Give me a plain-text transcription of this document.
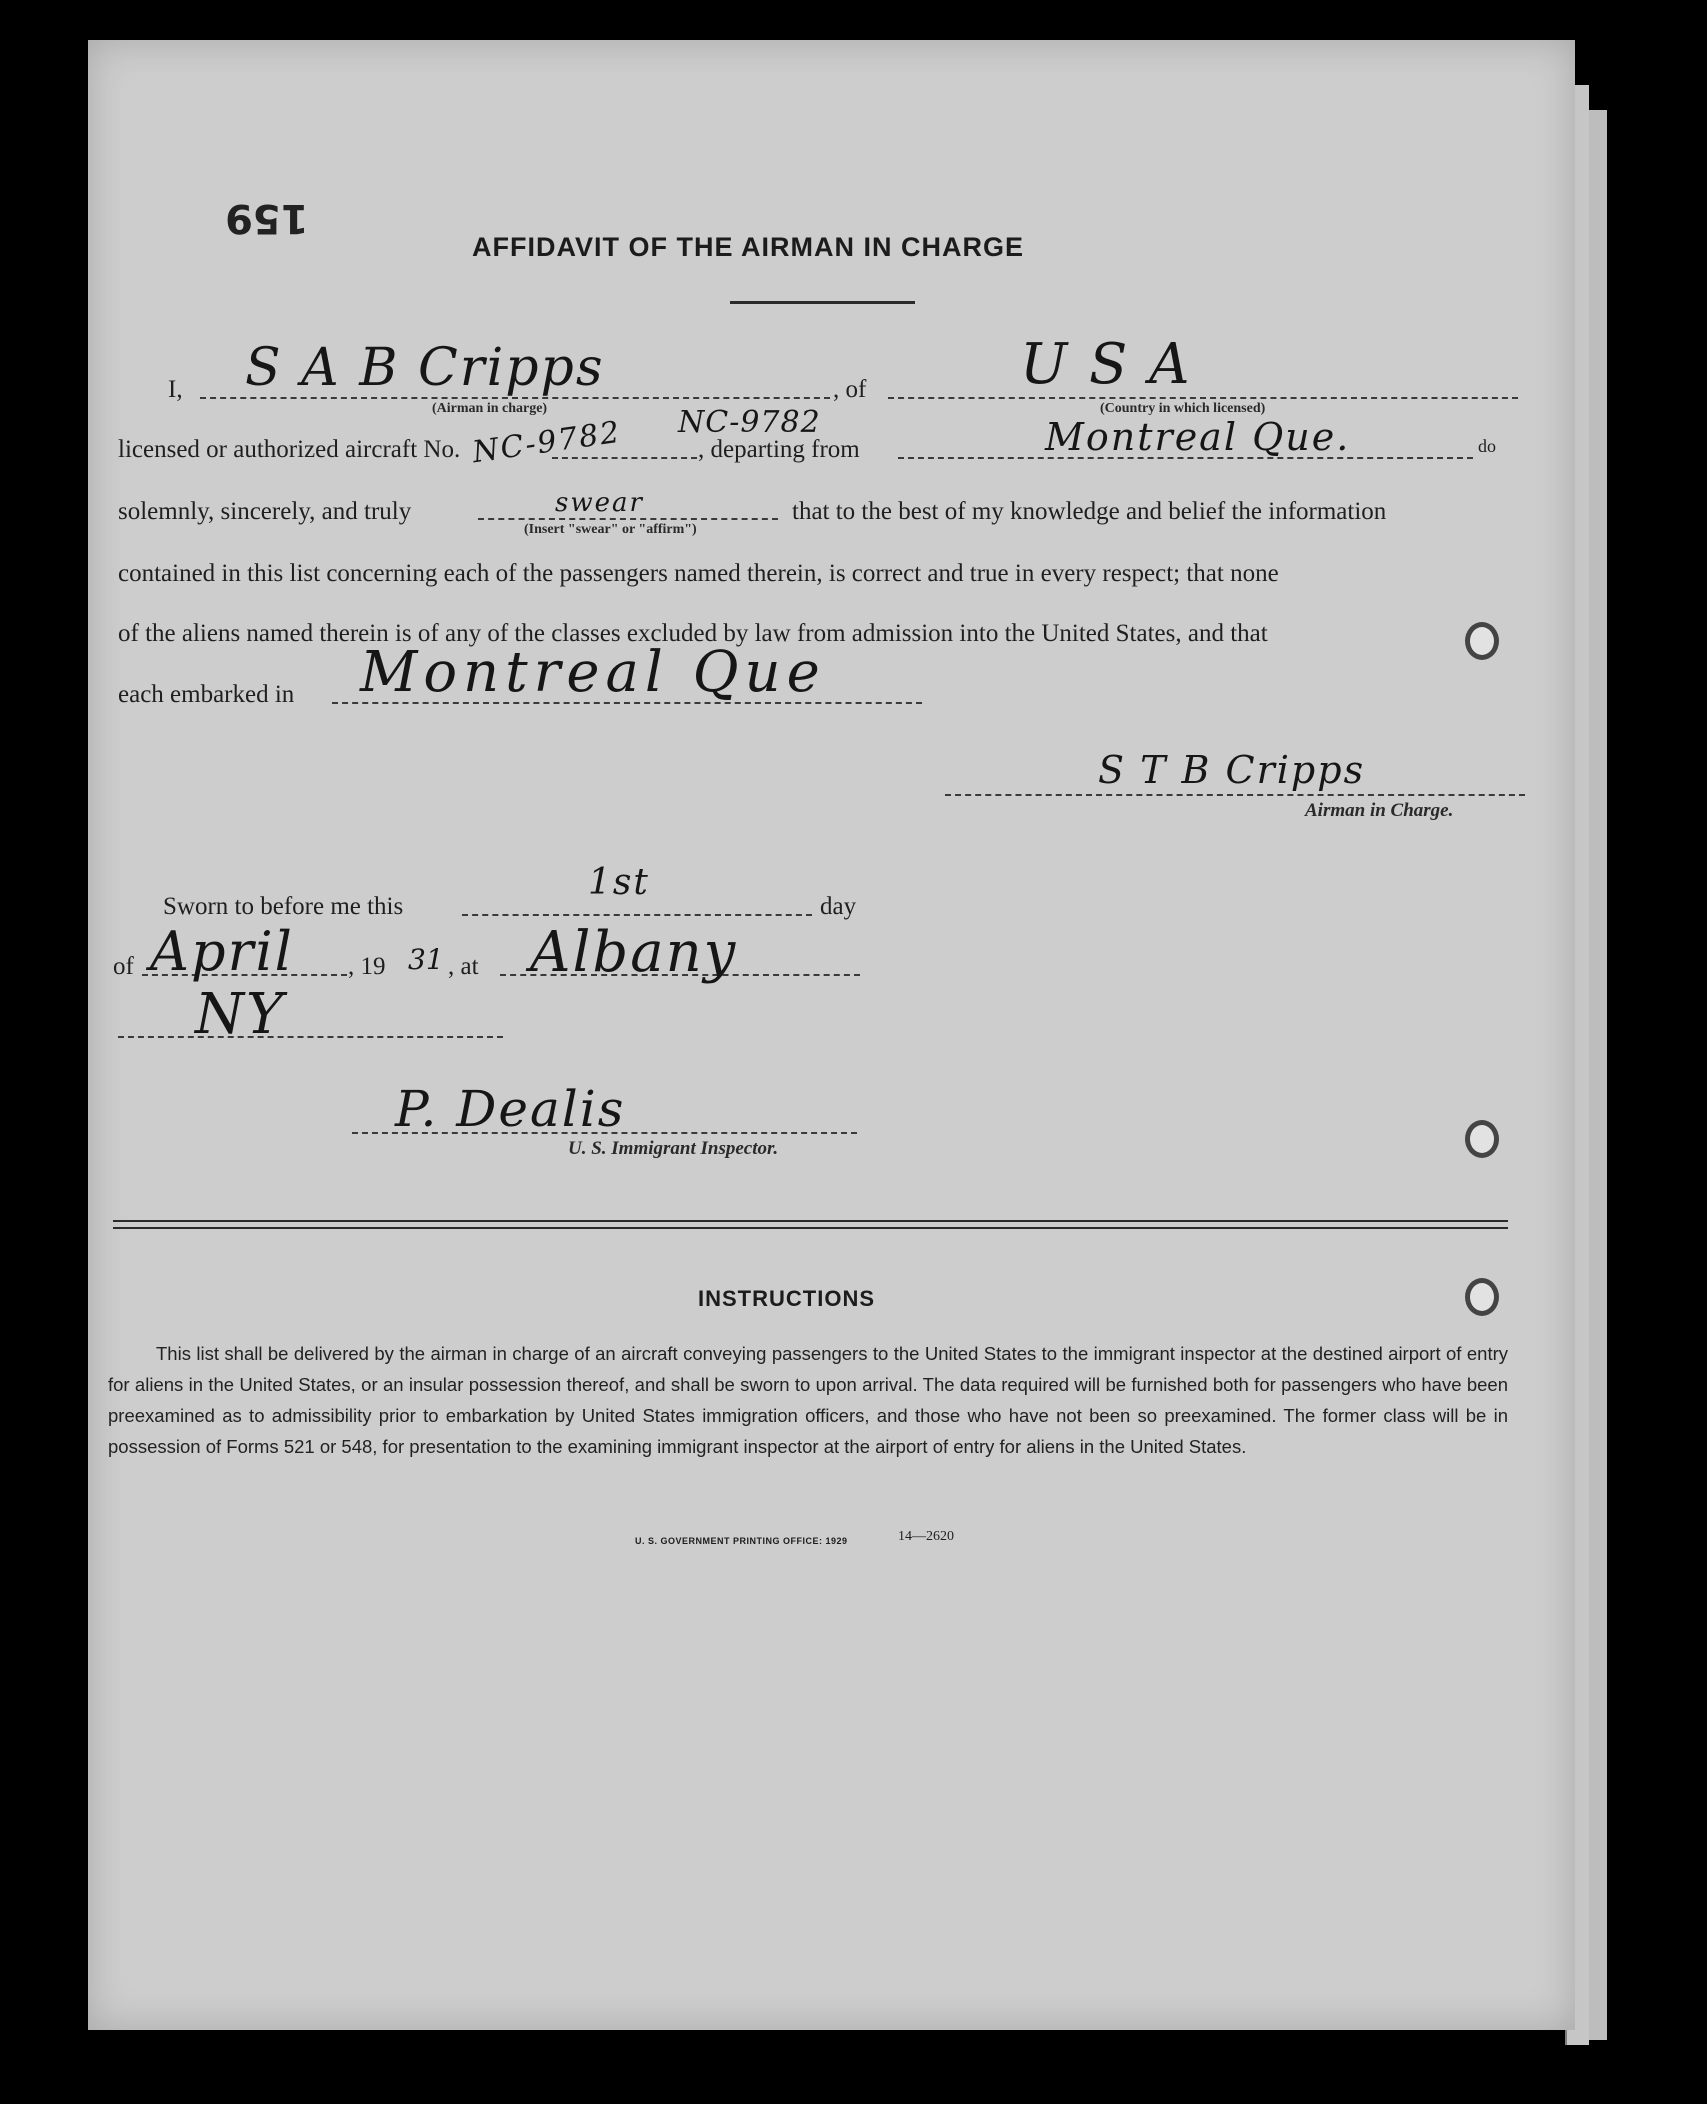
159
AFFIDAVIT OF THE AIRMAN IN CHARGE
I, S A B Cripps
(Airman in charge)
, of	U S A
(Country in which licensed)
licensed or authorized aircraft No. NC-9782 NC-9782
, departing from	Montreal Que.	do
solemnly, sincerely, and truly	swear
(Insert "swear" or "affirm")
that to the best of my knowledge and belief the information
contained in this list concerning each of the passengers named therein, is correct and true in every respect; that none
of the aliens named therein is of any of the classes excluded by law from admission into the United States, and that
each embarked in Montreal Que
S T B Cripps
Airman in Charge.
Sworn to before me this
1st
day
of April , 19 31 , at Albany
NY
P. Dealis
U. S. Immigrant Inspector.
INSTRUCTIONS
This list shall be delivered by the airman in charge of an aircraft conveying passengers to the United States to the immigrant inspector at the destined airport of entry for aliens in the United States, or an insular possession thereof, and shall be sworn to upon arrival. The data required will be furnished both for passengers who have been preexamined as to admissibility prior to embarkation by United States immigration officers, and those who have not been so preexamined. The former class will be in possession of Forms 521 or 548, for presentation to the examining immigrant inspector at the airport of entry for aliens in the United States.
U. S. GOVERNMENT PRINTING OFFICE: 1929	14—2620
